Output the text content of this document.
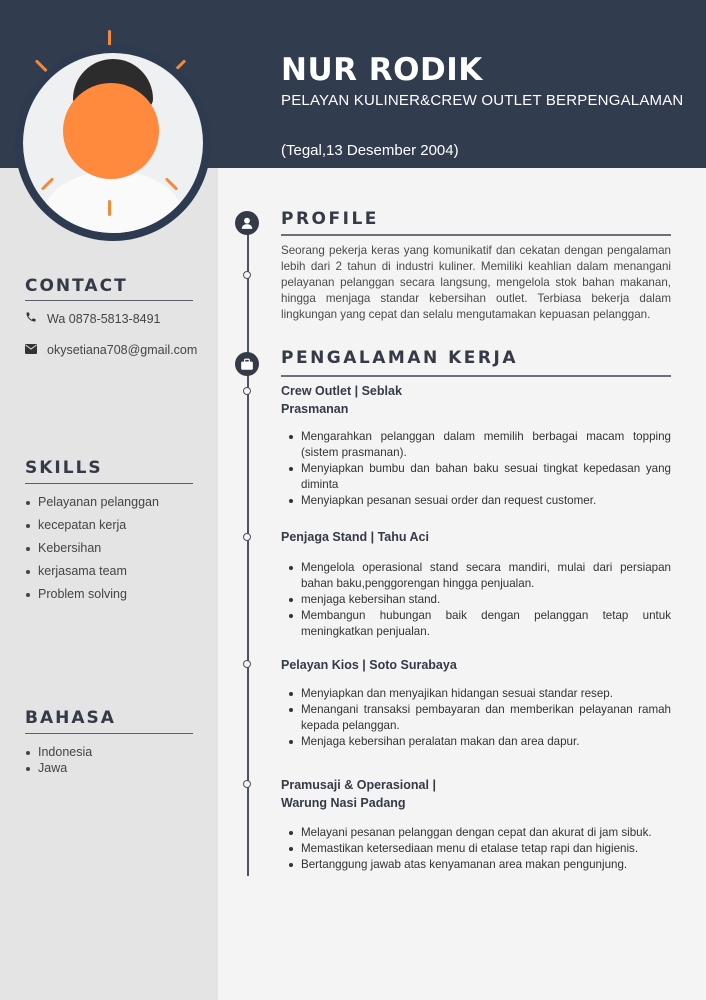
NUR RODIK
PELAYAN KULINER&CREW OUTLET BERPENGALAMAN
(Tegal,13 Desember 2004)
CONTACT
Wa 0878-5813-8491
okysetiana708@gmail.com
SKILLS
Pelayanan pelanggan
kecepatan kerja
Kebersihan
kerjasama team
Problem solving
BAHASA
Indonesia
Jawa
PROFILE

Seorang pekerja keras yang komunikatif dan cekatan dengan pengalaman lebih dari 2 tahun di industri kuliner. Memiliki keahlian dalam menangani pelayanan pelanggan secara langsung, mengelola stok bahan makanan, hingga menjaga standar kebersihan outlet. Terbiasa bekerja dalam lingkungan yang cepat dan selalu mengutamakan kepuasan pelanggan.

PENGALAMAN KERJA
Crew Outlet | Seblak
Prasmanan
Mengarahkan pelanggan dalam memilih berbagai macam topping (sistem prasmanan).
Menyiapkan bumbu dan bahan baku sesuai tingkat kepedasan yang diminta
Menyiapkan pesanan sesuai order dan request customer.
Penjaga Stand | Tahu Aci
Mengelola operasional stand secara mandiri, mulai dari persiapan bahan baku,penggorengan hingga penjualan.
menjaga kebersihan stand.
Membangun hubungan baik dengan pelanggan tetap untuk meningkatkan penjualan.
Pelayan Kios | Soto Surabaya
Menyiapkan dan menyajikan hidangan sesuai standar resep.
Menangani transaksi pembayaran dan memberikan pelayanan ramah kepada pelanggan.
Menjaga kebersihan peralatan makan dan area dapur.
Pramusaji & Operasional |
Warung Nasi Padang
Melayani pesanan pelanggan dengan cepat dan akurat di jam sibuk.
Memastikan ketersediaan menu di etalase tetap rapi dan higienis.
Bertanggung jawab atas kenyamanan area makan pengunjung.
